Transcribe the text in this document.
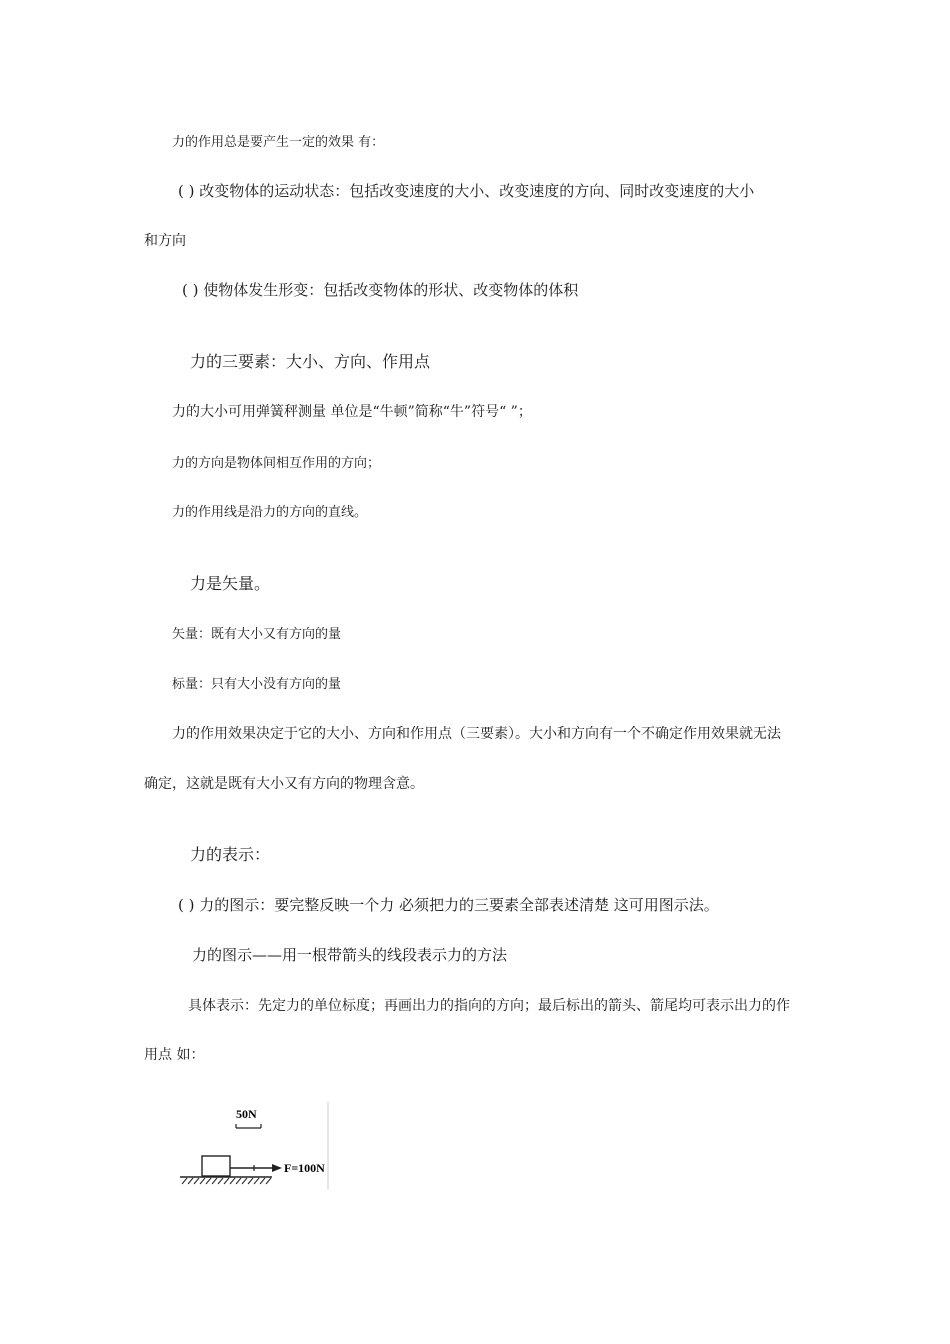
力的作用总是要产生一定的效果 有：
( ) 改变物体的运动状态：包括改变速度的大小、改变速度的方向、同时改变速度的大小
和方向
( ) 使物体发生形变：包括改变物体的形状、改变物体的体积
力的三要素：大小、方向、作用点
力的大小可用弹簧秤测量 单位是“牛顿”简称“牛”符号“ ”；
力的方向是物体间相互作用的方向；
力的作用线是沿力的方向的直线。
力是矢量。
矢量：既有大小又有方向的量
标量：只有大小没有方向的量
力的作用效果决定于它的大小、方向和作用点（三要素）。大小和方向有一个不确定作用效果就无法
确定，这就是既有大小又有方向的物理含意。
力的表示：
( ) 力的图示：要完整反映一个力 必须把力的三要素全部表述清楚 这可用图示法。
力的图示——用一根带箭头的线段表示力的方法
具体表示：先定力的单位标度；再画出力的指向的方向；最后标出的箭头、箭尾均可表示出力的作
用点 如：
50N
F=100N
